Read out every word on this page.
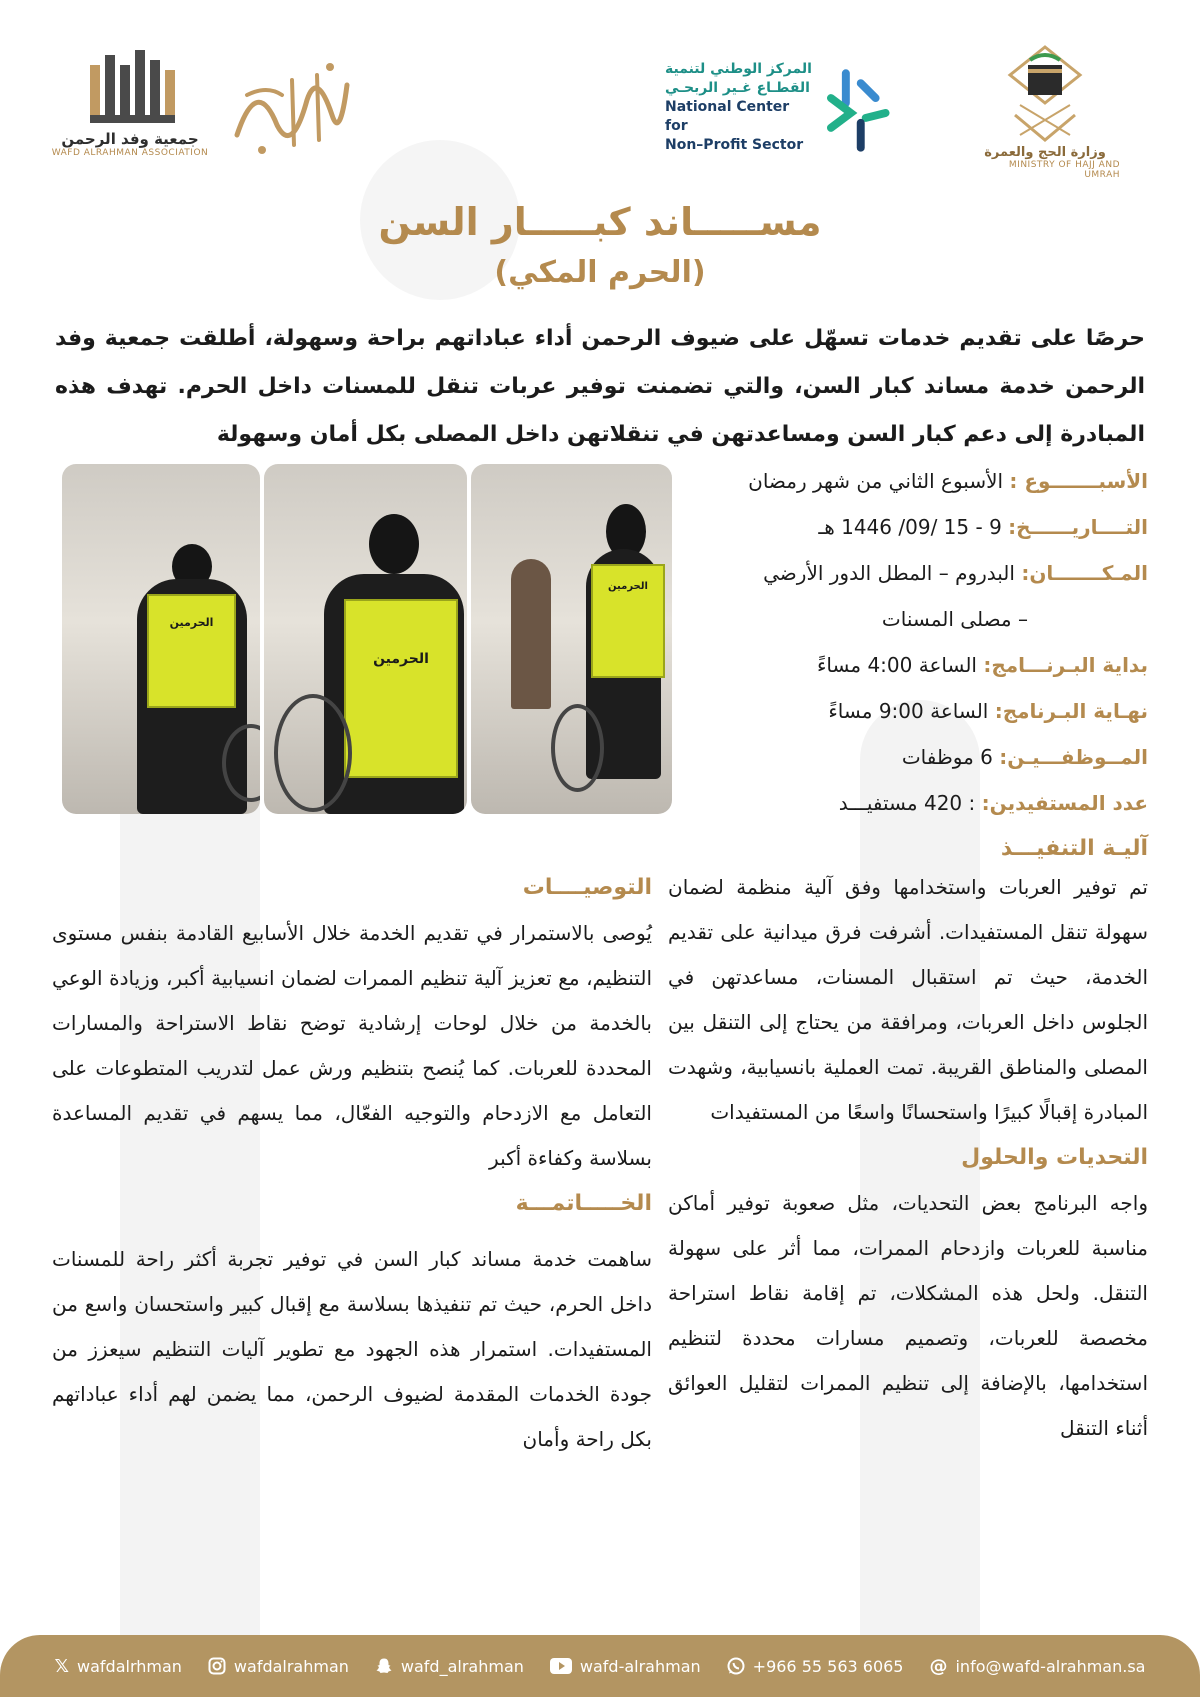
وزارة الحج والعمرة
MINISTRY OF HAJJ AND UMRAH
المركز الوطني لتنمية
القطـاع غـير الربحـي
National Center for
Non–Profit Sector
جمعية وفد الرحمن
WAFD ALRAHMAN ASSOCIATION
مســـــاند كبـــــار السن
(الحرم المكي)
حرصًا على تقديم خدمات تسهّل على ضيوف الرحمن أداء عباداتهم براحة وسهولة، أطلقت جمعية وفد الرحمن خدمة مساند كبار السن، والتي تضمنت توفير عربات تنقل للمسنات داخل الحرم. تهدف هذه المبادرة إلى دعم كبار السن ومساعدتهن في تنقلاتهن داخل المصلى بكل أمان وسهولة
الحرمين
الحرمين
الحرمين
الأسبـــــــوع : الأسبوع الثاني من شهر رمضان
التــــاريــــــخ: 9 - 15 /09/ 1446 هـ
المـكـــــــان: البدروم – المطل الدور الأرضي
– مصلى المسنات
بداية البـرنـــامج: الساعة 4:00 مساءً
نهـاية البـرنامج: الساعة 9:00 مساءً
المــوظفـــيـن: 6 موظفات
عدد المستفيدين: : 420 مستفيـــد
آليـة التنفيـــذ
تم توفير العربات واستخدامها وفق آلية منظمة لضمان سهولة تنقل المستفيدات. أشرفت فرق ميدانية على تقديم الخدمة، حيث تم استقبال المسنات، مساعدتهن في الجلوس داخل العربات، ومرافقة من يحتاج إلى التنقل بين المصلى والمناطق القريبة. تمت العملية بانسيابية، وشهدت المبادرة إقبالًا كبيرًا واستحسانًا واسعًا من المستفيدات
التحديات والحلول
واجه البرنامج بعض التحديات، مثل صعوبة توفير أماكن مناسبة للعربات وازدحام الممرات، مما أثر على سهولة التنقل. ولحل هذه المشكلات، تم إقامة نقاط استراحة مخصصة للعربات، وتصميم مسارات محددة لتنظيم استخدامها، بالإضافة إلى تنظيم الممرات لتقليل العوائق أثناء التنقل
التوصيــــات
يُوصى بالاستمرار في تقديم الخدمة خلال الأسابيع القادمة بنفس مستوى التنظيم، مع تعزيز آلية تنظيم الممرات لضمان انسيابية أكبر، وزيادة الوعي بالخدمة من خلال لوحات إرشادية توضح نقاط الاستراحة والمسارات المحددة للعربات. كما يُنصح بتنظيم ورش عمل لتدريب المتطوعات على التعامل مع الازدحام والتوجيه الفعّال، مما يسهم في تقديم المساعدة بسلاسة وكفاءة أكبر
الخـــــاتمـــة
ساهمت خدمة مساند كبار السن في توفير تجربة أكثر راحة للمسنات داخل الحرم، حيث تم تنفيذها بسلاسة مع إقبال كبير واستحسان واسع من المستفيدات. استمرار هذه الجهود مع تطوير آليات التنظيم سيعزز من جودة الخدمات المقدمة لضيوف الرحمن، مما يضمن لهم أداء عباداتهم بكل راحة وأمان
𝕏 wafdalrhman	wafdalrahman	wafd_alrahman	wafd-alrahman	+966 55 563 6065 @ info@wafd-alrahman.sa
